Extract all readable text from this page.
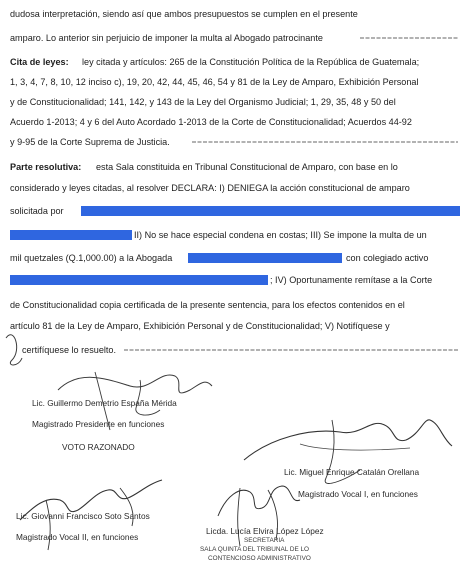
dudosa interpretación, siendo así que ambos presupuestos se cumplen en el presente
amparo. Lo anterior sin perjuicio de imponer la multa al Abogado patrocinante
Cita de leyes: ley citada y artículos: 265 de la Constitución Política de la República de Guatemala;
1, 3, 4, 7, 8, 10, 12 inciso c), 19, 20, 42, 44, 45, 46, 54 y 81 de la Ley de Amparo, Exhibición Personal
y de Constitucionalidad; 141, 142, y 143 de la Ley del Organismo Judicial; 1, 29, 35, 48 y 50 del
Acuerdo 1-2013; 4 y 6 del Auto Acordado 1-2013 de la Corte de Constitucionalidad; Acuerdos 44-92
y 9-95 de la Corte Suprema de Justicia.
Parte resolutiva: esta Sala constituida en Tribunal Constitucional de Amparo, con base en lo
considerado y leyes citadas, al resolver DECLARA: I) DENIEGA la acción constitucional de amparo
solicitada por
II) No se hace especial condena en costas; III) Se impone la multa de un
mil quetzales (Q.1,000.00) a la Abogada	con colegiado activo
; IV) Oportunamente remítase a la Corte
de Constitucionalidad copia certificada de la presente sentencia, para los efectos contenidos en el
artículo 81 de la Ley de Amparo, Exhibición Personal y de Constitucionalidad; V) Notifíquese y
certifíquese lo resuelto.
Lic. Guillermo Demetrio España Mérida
Magistrado Presidente en funciones
VOTO RAZONADO
Lic. Miguel Enrique Catalán Orellana
Magistrado Vocal I, en funciones
Lic. Giovanni Francisco Soto Santos
Magistrado Vocal II, en funciones
Licda. Lucía Elvira López López
SECRETARIA
SALA QUINTA DEL TRIBUNAL DE LO
CONTENCIOSO ADMINISTRATIVO
